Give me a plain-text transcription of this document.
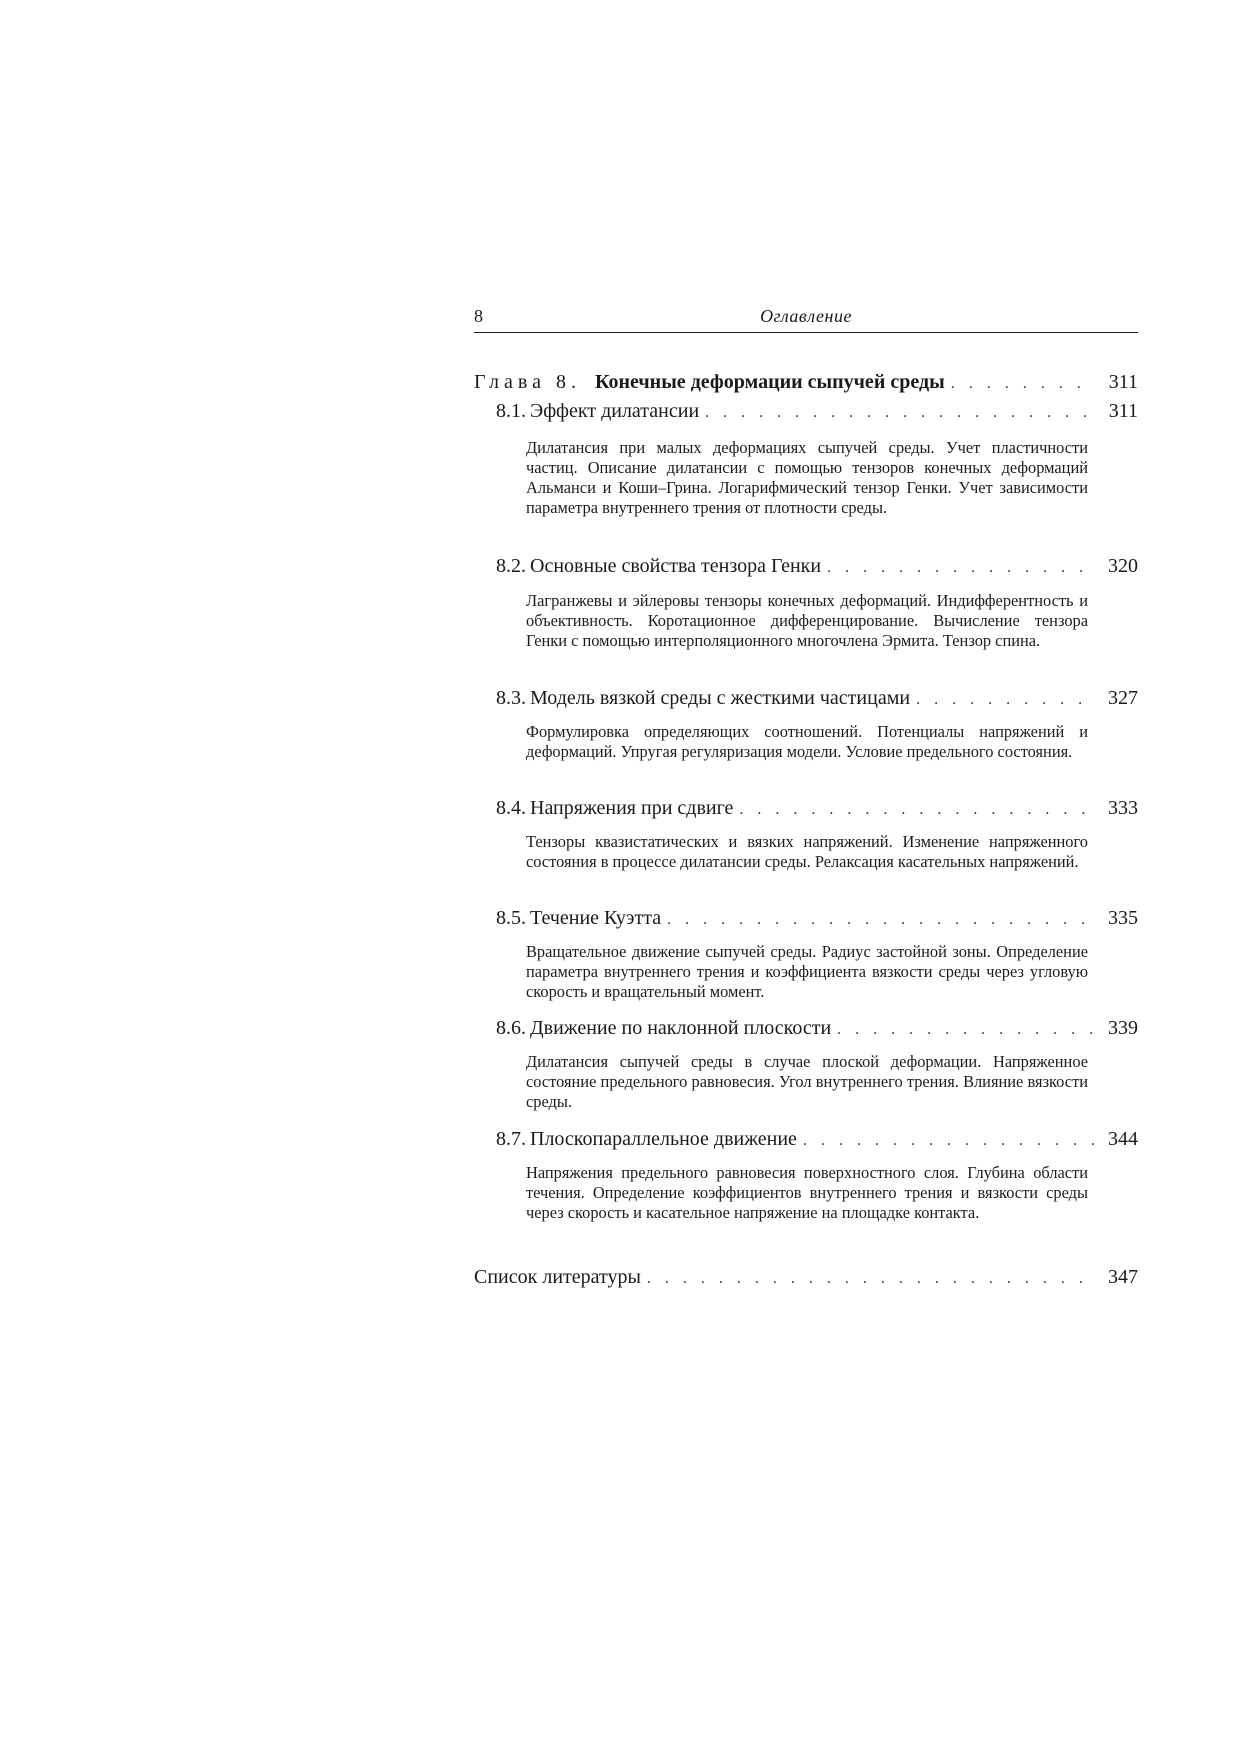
8	Оглавление
Глава 8. Конечные деформации сыпучей среды . . .	311
8.1. Эффект дилатансии . . .	311
Дилатансия при малых деформациях сыпучей среды. Учет пластичности частиц. Описание дилатансии с помощью тензоров конечных деформаций Альманси и Коши–Грина. Логарифмический тензор Генки. Учет зависимости параметра внутреннего трения от плотности среды.
8.2. Основные свойства тензора Генки . . .	320
Лагранжевы и эйлеровы тензоры конечных деформаций. Индифферентность и объективность. Коротационное дифференцирование. Вычисление тензора Генки с помощью интерполяционного многочлена Эрмита. Тензор спина.
8.3. Модель вязкой среды с жесткими частицами . . .	327
Формулировка определяющих соотношений. Потенциалы напряжений и деформаций. Упругая регуляризация модели. Условие предельного состояния.
8.4. Напряжения при сдвиге . . .	333
Тензоры квазистатических и вязких напряжений. Изменение напряженного состояния в процессе дилатансии среды. Релаксация касательных напряжений.
8.5. Течение Куэтта . . .	335
Вращательное движение сыпучей среды. Радиус застойной зоны. Определение параметра внутреннего трения и коэффициента вязкости среды через угловую скорость и вращательный момент.
8.6. Движение по наклонной плоскости . . .	339
Дилатансия сыпучей среды в случае плоской деформации. Напряженное состояние предельного равновесия. Угол внутреннего трения. Влияние вязкости среды.
8.7. Плоскопараллельное движение . . .	344
Напряжения предельного равновесия поверхностного слоя. Глубина области течения. Определение коэффициентов внутреннего трения и вязкости среды через скорость и касательное напряжение на площадке контакта.
Список литературы . . .	347
